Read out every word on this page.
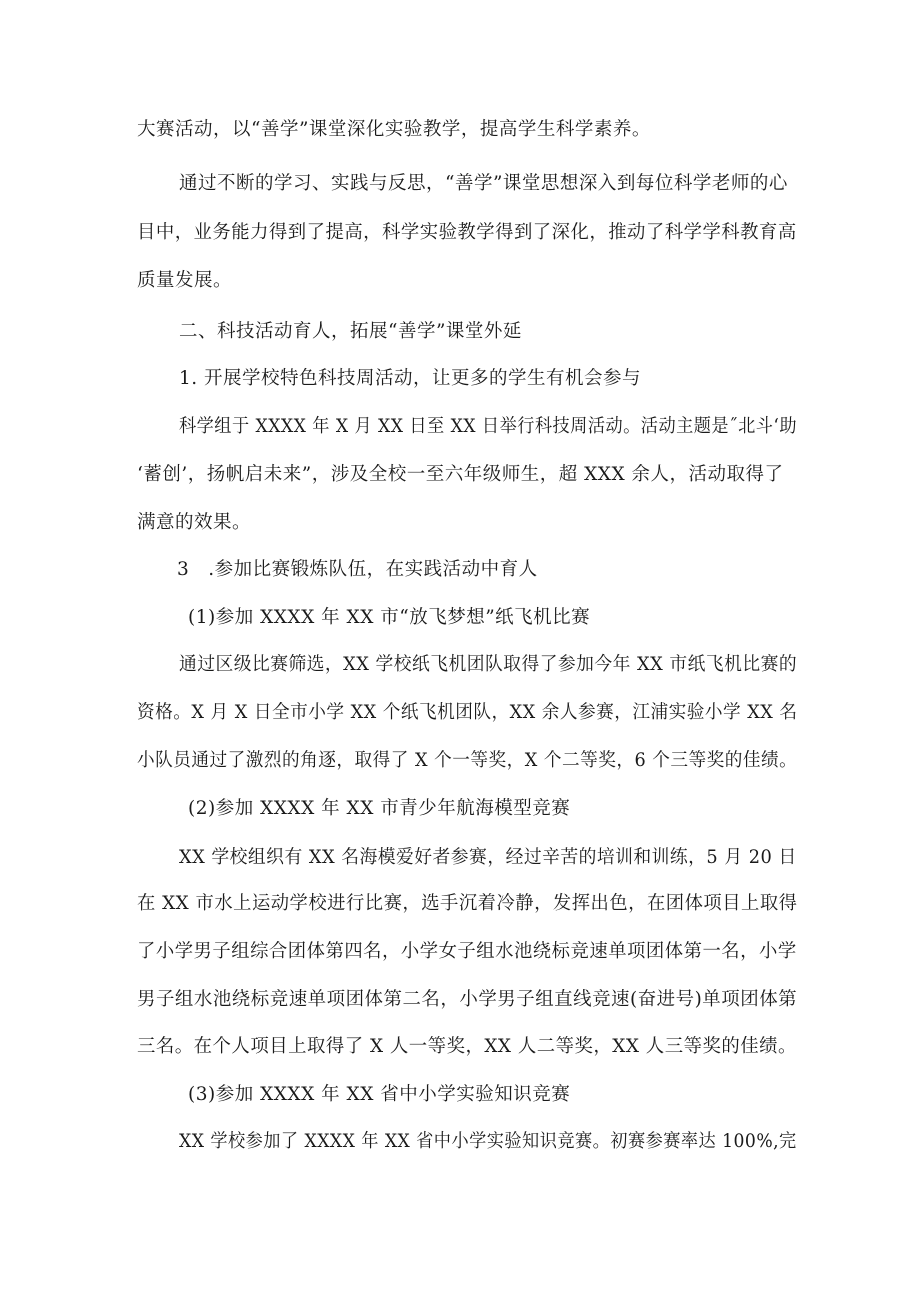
大赛活动，以“善学”课堂深化实验教学，提高学生科学素养。
通过不断的学习、实践与反思，“善学”课堂思想深入到每位科学老师的心
目中，业务能力得到了提高，科学实验教学得到了深化，推动了科学学科教育高
质量发展。
二、科技活动育人，拓展“善学”课堂外延
1. 开展学校特色科技周活动，让更多的学生有机会参与
科学组于 XXXX 年 X 月 XX 日至 XX 日举行科技周活动。活动主题是˝北斗‘助
‘蓄创’，扬帆启未来”，涉及全校一至六年级师生，超 XXX 余人，活动取得了
满意的效果。
3　.参加比赛锻炼队伍，在实践活动中育人
(1)参加 XXXX 年 XX 市“放飞梦想”纸飞机比赛
通过区级比赛筛选，XX 学校纸飞机团队取得了参加今年 XX 市纸飞机比赛的
资格。X 月 X 日全市小学 XX 个纸飞机团队，XX 余人参赛，江浦实验小学 XX 名
小队员通过了激烈的角逐，取得了 X 个一等奖，X 个二等奖，6 个三等奖的佳绩。
(2)参加 XXXX 年 XX 市青少年航海模型竞赛
XX 学校组织有 XX 名海模爱好者参赛，经过辛苦的培训和训练，5 月 20 日
在 XX 市水上运动学校进行比赛，选手沉着冷静，发挥出色，在团体项目上取得
了小学男子组综合团体第四名，小学女子组水池绕标竞速单项团体第一名，小学
男子组水池绕标竞速单项团体第二名，小学男子组直线竞速(奋进号)单项团体第
三名。在个人项目上取得了 X 人一等奖，XX 人二等奖，XX 人三等奖的佳绩。
(3)参加 XXXX 年 XX 省中小学实验知识竞赛
XX 学校参加了 XXXX 年 XX 省中小学实验知识竞赛。初赛参赛率达 100%,完
